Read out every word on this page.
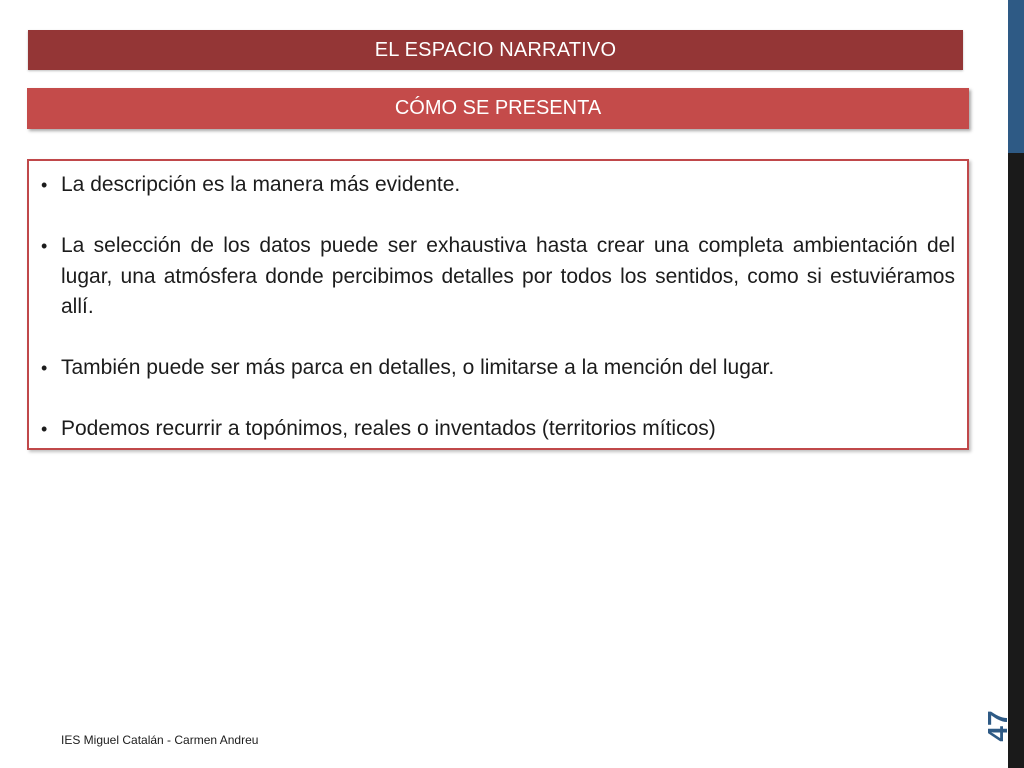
EL ESPACIO NARRATIVO
CÓMO SE PRESENTA
• La descripción es la manera más evidente.
• La selección de los datos puede ser exhaustiva hasta crear una completa ambientación del lugar, una atmósfera donde percibimos detalles por todos los sentidos, como si estuviéramos allí.
• También puede ser más parca en detalles, o limitarse a la mención del lugar.
• Podemos recurrir a topónimos, reales o inventados (territorios míticos)
47
IES Miguel Catalán - Carmen Andreu
